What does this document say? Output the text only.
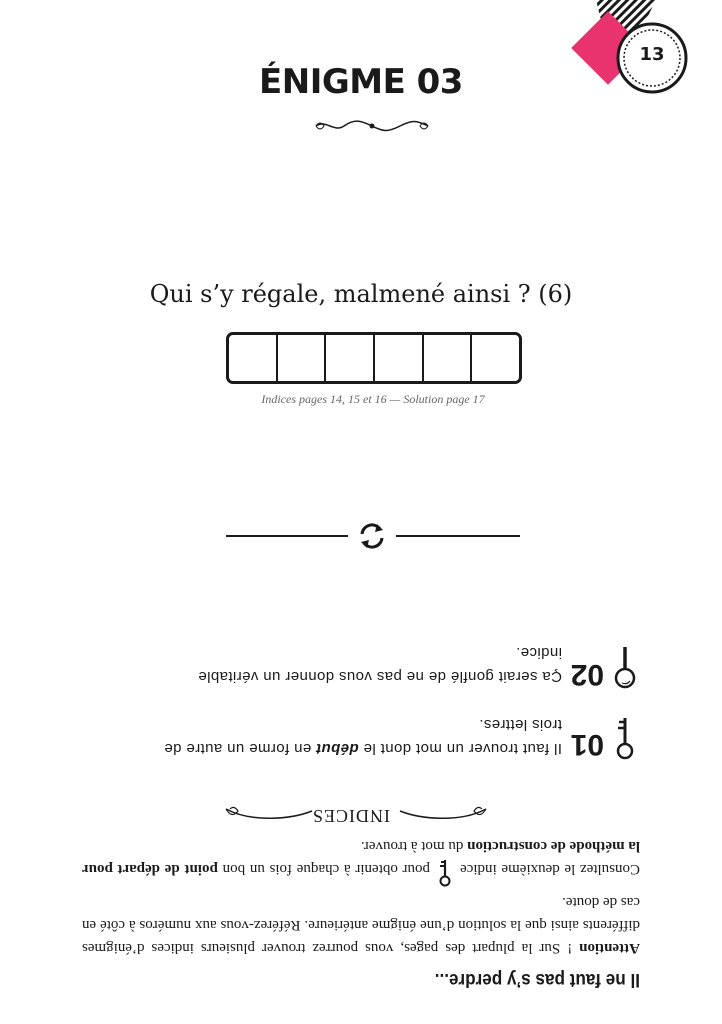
13
ÉNIGME 03
Qui s’y régale, malmené ainsi ? (6)
Indices pages 14, 15 et 16 — Solution page 17
Il ne faut pas s’y perdre...
Attention ! Sur la plupart des pages, vous pourrez trouver plusieurs indices d’énigmes différents ainsi que la solution d’une énigme antérieure. Référez-vous aux numéros à côté en cas de doute.
Consultez le deuxième indicepour obtenir à chaque fois un bon point de départ pour la méthode de construction du mot à trouver.
INDICES
01
Il faut trouver un mot dont le début en forme un autre de trois lettres.
02
Ça serait gonflé de ne pas vous donner un véritable indice.
